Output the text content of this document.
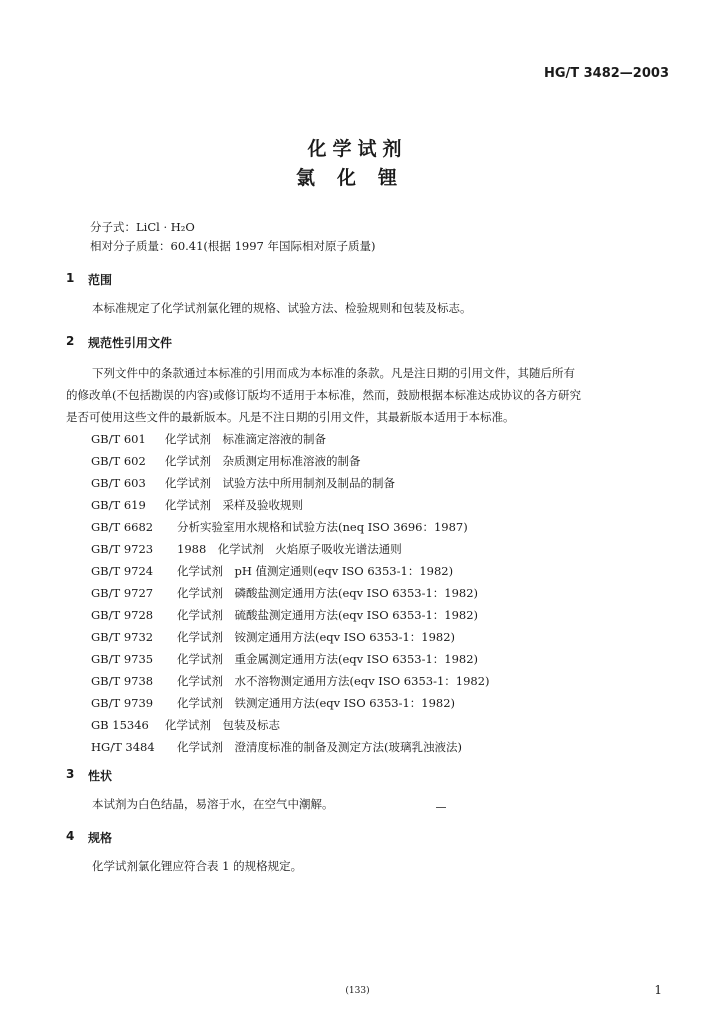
HG/T 3482—2003
化学试剂
氯化锂
分子式：LiCl · H₂O
相对分子质量：60.41(根据 1997 年国际相对原子质量)
1 范围
本标准规定了化学试剂氯化锂的规格、试验方法、检验规则和包装及标志。
2 规范性引用文件
下列文件中的条款通过本标准的引用而成为本标准的条款。凡是注日期的引用文件，其随后所有
的修改单(不包括勘误的内容)或修订版均不适用于本标准，然而，鼓励根据本标准达成协议的各方研究
是否可使用这些文件的最新版本。凡是不注日期的引用文件，其最新版本适用于本标准。
GB/T 601 化学试剂　标准滴定溶液的制备
GB/T 602 化学试剂　杂质测定用标准溶液的制备
GB/T 603 化学试剂　试验方法中所用制剂及制品的制备
GB/T 619 化学试剂　采样及验收规则
GB/T 6682 分析实验室用水规格和试验方法(neq ISO 3696：1987)
GB/T 9723 1988　化学试剂　火焰原子吸收光谱法通则
GB/T 9724 化学试剂　pH 值测定通则(eqv ISO 6353-1：1982)
GB/T 9727 化学试剂　磷酸盐测定通用方法(eqv ISO 6353-1：1982)
GB/T 9728 化学试剂　硫酸盐测定通用方法(eqv ISO 6353-1：1982)
GB/T 9732 化学试剂　铵测定通用方法(eqv ISO 6353-1：1982)
GB/T 9735 化学试剂　重金属测定通用方法(eqv ISO 6353-1：1982)
GB/T 9738 化学试剂　水不溶物测定通用方法(eqv ISO 6353-1：1982)
GB/T 9739 化学试剂　铁测定通用方法(eqv ISO 6353-1：1982)
GB 15346 化学试剂　包装及标志
HG/T 3484 化学试剂　澄清度标准的制备及测定方法(玻璃乳浊液法)
3 性状
本试剂为白色结晶，易溶于水，在空气中潮解。
4 规格
化学试剂氯化锂应符合表 1 的规格规定。
(133)	1
